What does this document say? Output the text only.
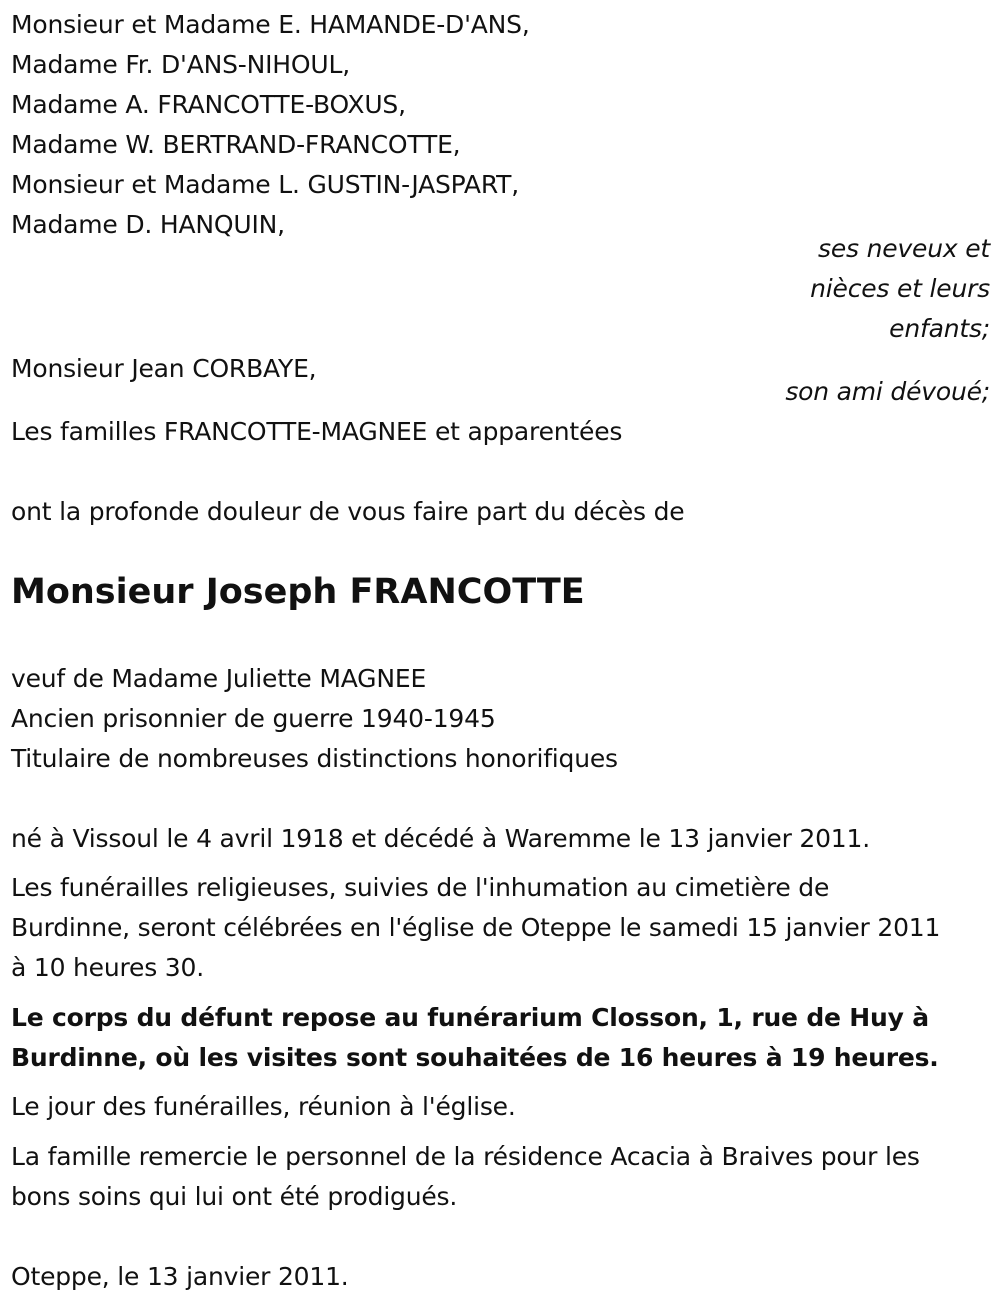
Monsieur et Madame E. HAMANDE-D'ANS,
Madame Fr. D'ANS-NIHOUL,
Madame A. FRANCOTTE-BOXUS,
Madame W. BERTRAND-FRANCOTTE,
Monsieur et Madame L. GUSTIN-JASPART,
Madame D. HANQUIN,
ses neveux et
nièces et leurs
enfants;
Monsieur Jean CORBAYE,
son ami dévoué;
Les familles FRANCOTTE-MAGNEE et apparentées
ont la profonde douleur de vous faire part du décès de
Monsieur Joseph FRANCOTTE
veuf de Madame Juliette MAGNEE
Ancien prisonnier de guerre 1940-1945
Titulaire de nombreuses distinctions honorifiques
né à Vissoul le 4 avril 1918 et décédé à Waremme le 13 janvier 2011.
Les funérailles religieuses, suivies de l'inhumation au cimetière de
Burdinne, seront célébrées en l'église de Oteppe le samedi 15 janvier 2011
à 10 heures 30.
Le corps du défunt repose au funérarium Closson, 1, rue de Huy à
Burdinne, où les visites sont souhaitées de 16 heures à 19 heures.
Le jour des funérailles, réunion à l'église.
La famille remercie le personnel de la résidence Acacia à Braives pour les
bons soins qui lui ont été prodigués.
Oteppe, le 13 janvier 2011.
